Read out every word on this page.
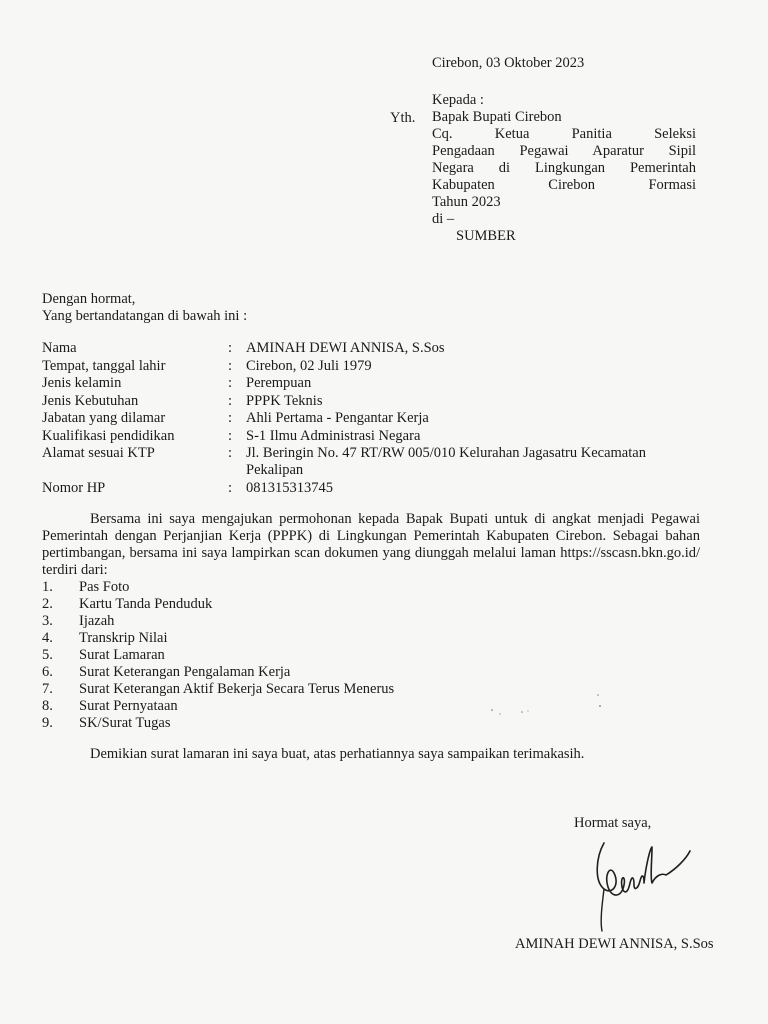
Cirebon, 03 Oktober 2023
Yth.
Kepada :
Bapak Bupati Cirebon
Cq. Ketua Panitia Seleksi
Pengadaan Pegawai Aparatur Sipil
Negara di Lingkungan Pemerintah
Kabupaten Cirebon Formasi
Tahun 2023
di –
SUMBER
Dengan hormat,
Yang bertandatangan di bawah ini :
Nama	: AMINAH DEWI ANNISA, S.Sos
Tempat, tanggal lahir	: Cirebon, 02 Juli 1979
Jenis kelamin	: Perempuan
Jenis Kebutuhan	: PPPK Teknis
Jabatan yang dilamar	: Ahli Pertama - Pengantar Kerja
Kualifikasi pendidikan	: S-1 Ilmu Administrasi Negara
Alamat sesuai KTP	: Jl. Beringin No. 47 RT/RW 005/010 Kelurahan Jagasatru Kecamatan Pekalipan
Nomor HP	: 081315313745
Bersama ini saya mengajukan permohonan kepada Bapak Bupati untuk di angkat menjadi Pegawai Pemerintah dengan Perjanjian Kerja (PPPK) di Lingkungan Pemerintah Kabupaten Cirebon. Sebagai bahan pertimbangan, bersama ini saya lampirkan scan dokumen yang diunggah melalui laman https://sscasn.bkn.go.id/ terdiri dari:
1. Pas Foto
2. Kartu Tanda Penduduk
3. Ijazah
4. Transkrip Nilai
5. Surat Lamaran
6. Surat Keterangan Pengalaman Kerja
7. Surat Keterangan Aktif Bekerja Secara Terus Menerus
8. Surat Pernyataan
9. SK/Surat Tugas
Demikian surat lamaran ini saya buat, atas perhatiannya saya sampaikan terimakasih.
Hormat saya,
AMINAH DEWI ANNISA, S.Sos
